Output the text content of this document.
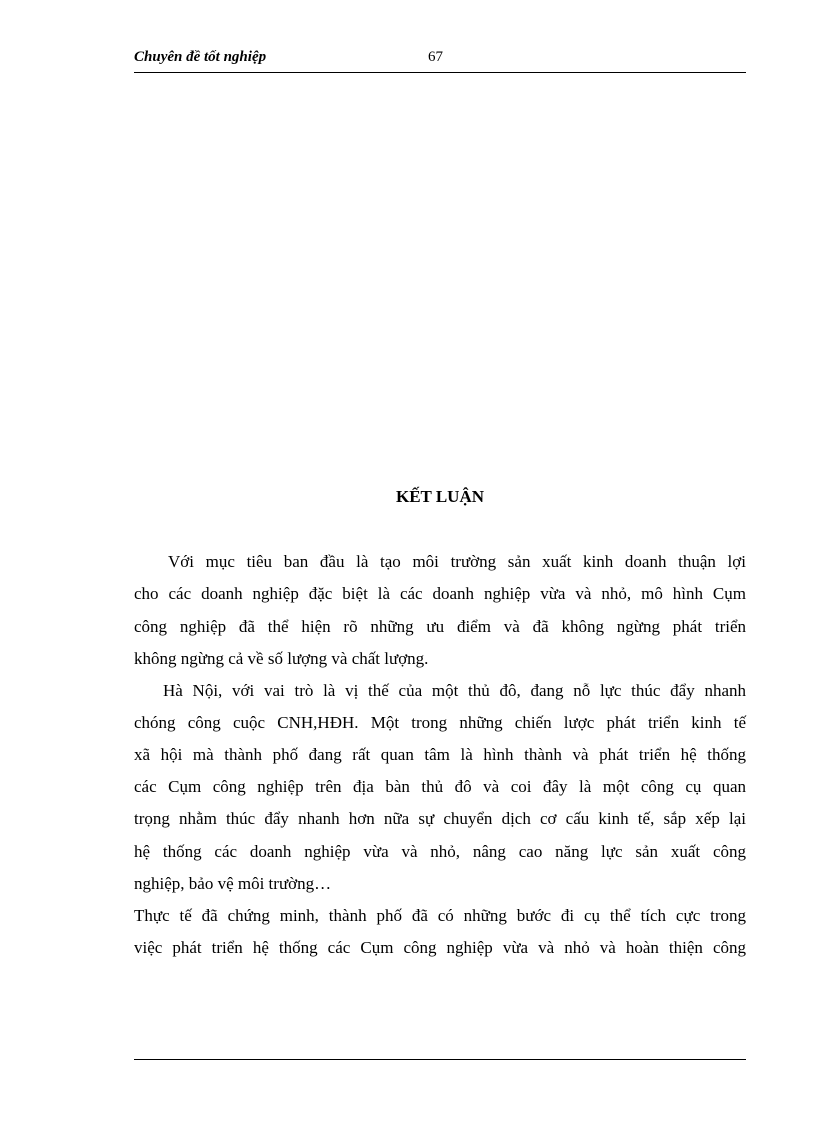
Chuyên đề tốt nghiệp	67
KẾT LUẬN
Với mục tiêu ban đầu là tạo môi trường sản xuất kinh doanh thuận lợi
cho các doanh nghiệp đặc biệt là các doanh nghiệp vừa và nhỏ, mô hình Cụm
công nghiệp đã thể hiện rõ những ưu điểm và đã không ngừng phát triển
không ngừng cả về số lượng và chất lượng.
Hà Nội, với vai trò là vị thế của một thủ đô, đang nỗ lực thúc đẩy nhanh
chóng công cuộc CNH,HĐH. Một trong những chiến lược phát triển kinh tế
xã hội mà thành phố đang rất quan tâm là hình thành và phát triển hệ thống
các Cụm công nghiệp trên địa bàn thủ đô và coi đây là một công cụ quan
trọng nhằm thúc đẩy nhanh hơn nữa sự chuyển dịch cơ cấu kinh tế, sắp xếp lại
hệ thống các doanh nghiệp vừa và nhỏ, nâng cao năng lực sản xuất công
nghiệp, bảo vệ môi trường…
Thực tế đã chứng minh, thành phố đã có những bước đi cụ thể tích cực trong
việc phát triển hệ thống các Cụm công nghiệp vừa và nhỏ và hoàn thiện công
